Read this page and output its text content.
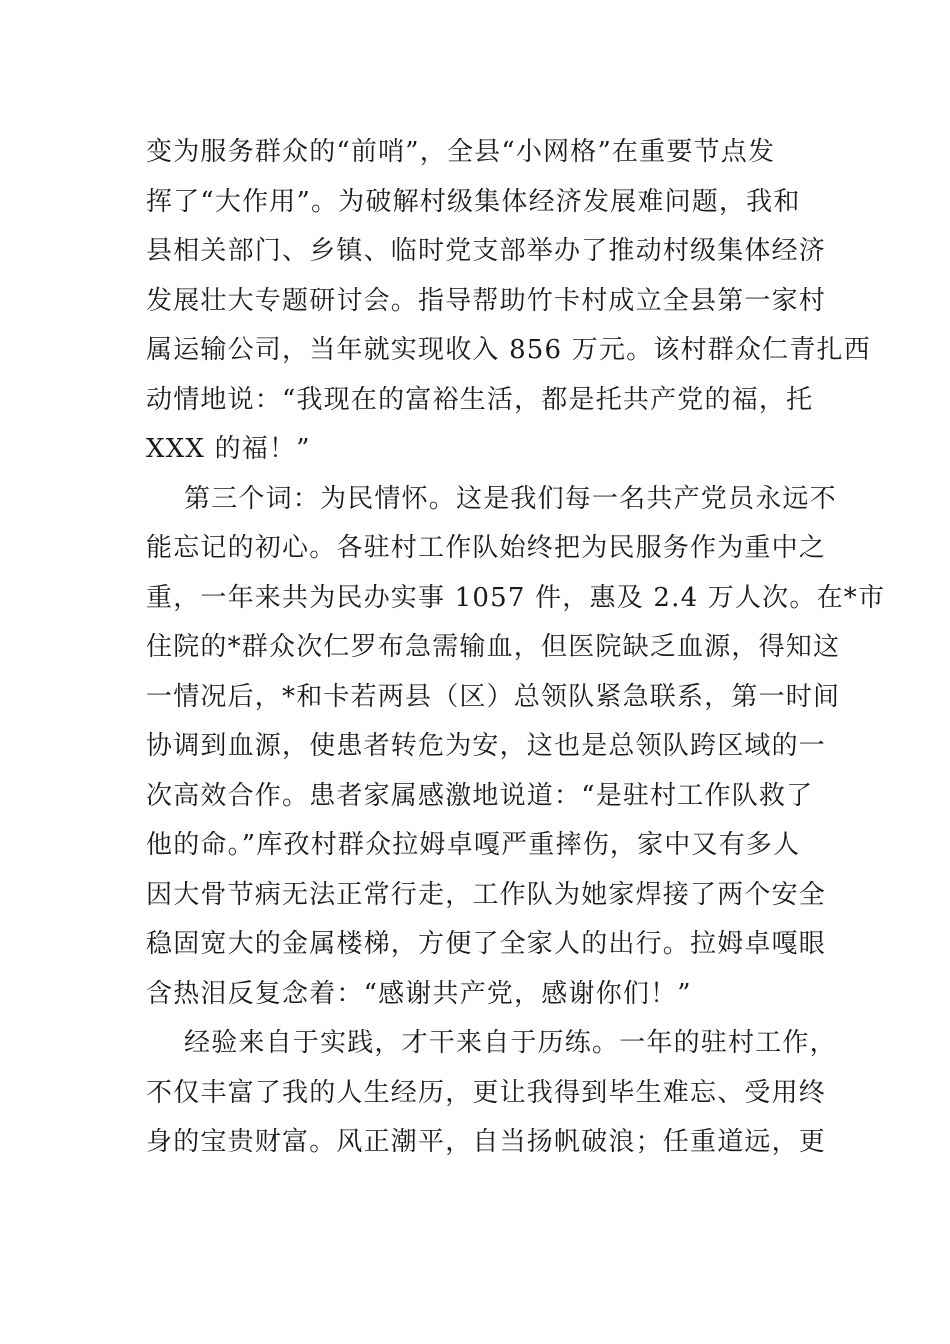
变为服务群众的“前哨”，全县“小网格”在重要节点发
挥了“大作用”。为破解村级集体经济发展难问题，我和
县相关部门、乡镇、临时党支部举办了推动村级集体经济
发展壮大专题研讨会。指导帮助竹卡村成立全县第一家村
属运输公司，当年就实现收入 856 万元。该村群众仁青扎西
动情地说：“我现在的富裕生活，都是托共产党的福，托
XXX 的福！”
第三个词：为民情怀。这是我们每一名共产党员永远不
能忘记的初心。各驻村工作队始终把为民服务作为重中之
重，一年来共为民办实事 1057 件，惠及 2.4 万人次。在*市
住院的*群众次仁罗布急需输血，但医院缺乏血源，得知这
一情况后，*和卡若两县（区）总领队紧急联系，第一时间
协调到血源，使患者转危为安，这也是总领队跨区域的一
次高效合作。患者家属感激地说道：“是驻村工作队救了
他的命。”库孜村群众拉姆卓嘎严重摔伤，家中又有多人
因大骨节病无法正常行走，工作队为她家焊接了两个安全
稳固宽大的金属楼梯，方便了全家人的出行。拉姆卓嘎眼
含热泪反复念着：“感谢共产党，感谢你们！”
经验来自于实践，才干来自于历练。一年的驻村工作，
不仅丰富了我的人生经历，更让我得到毕生难忘、受用终
身的宝贵财富。风正潮平，自当扬帆破浪；任重道远，更
